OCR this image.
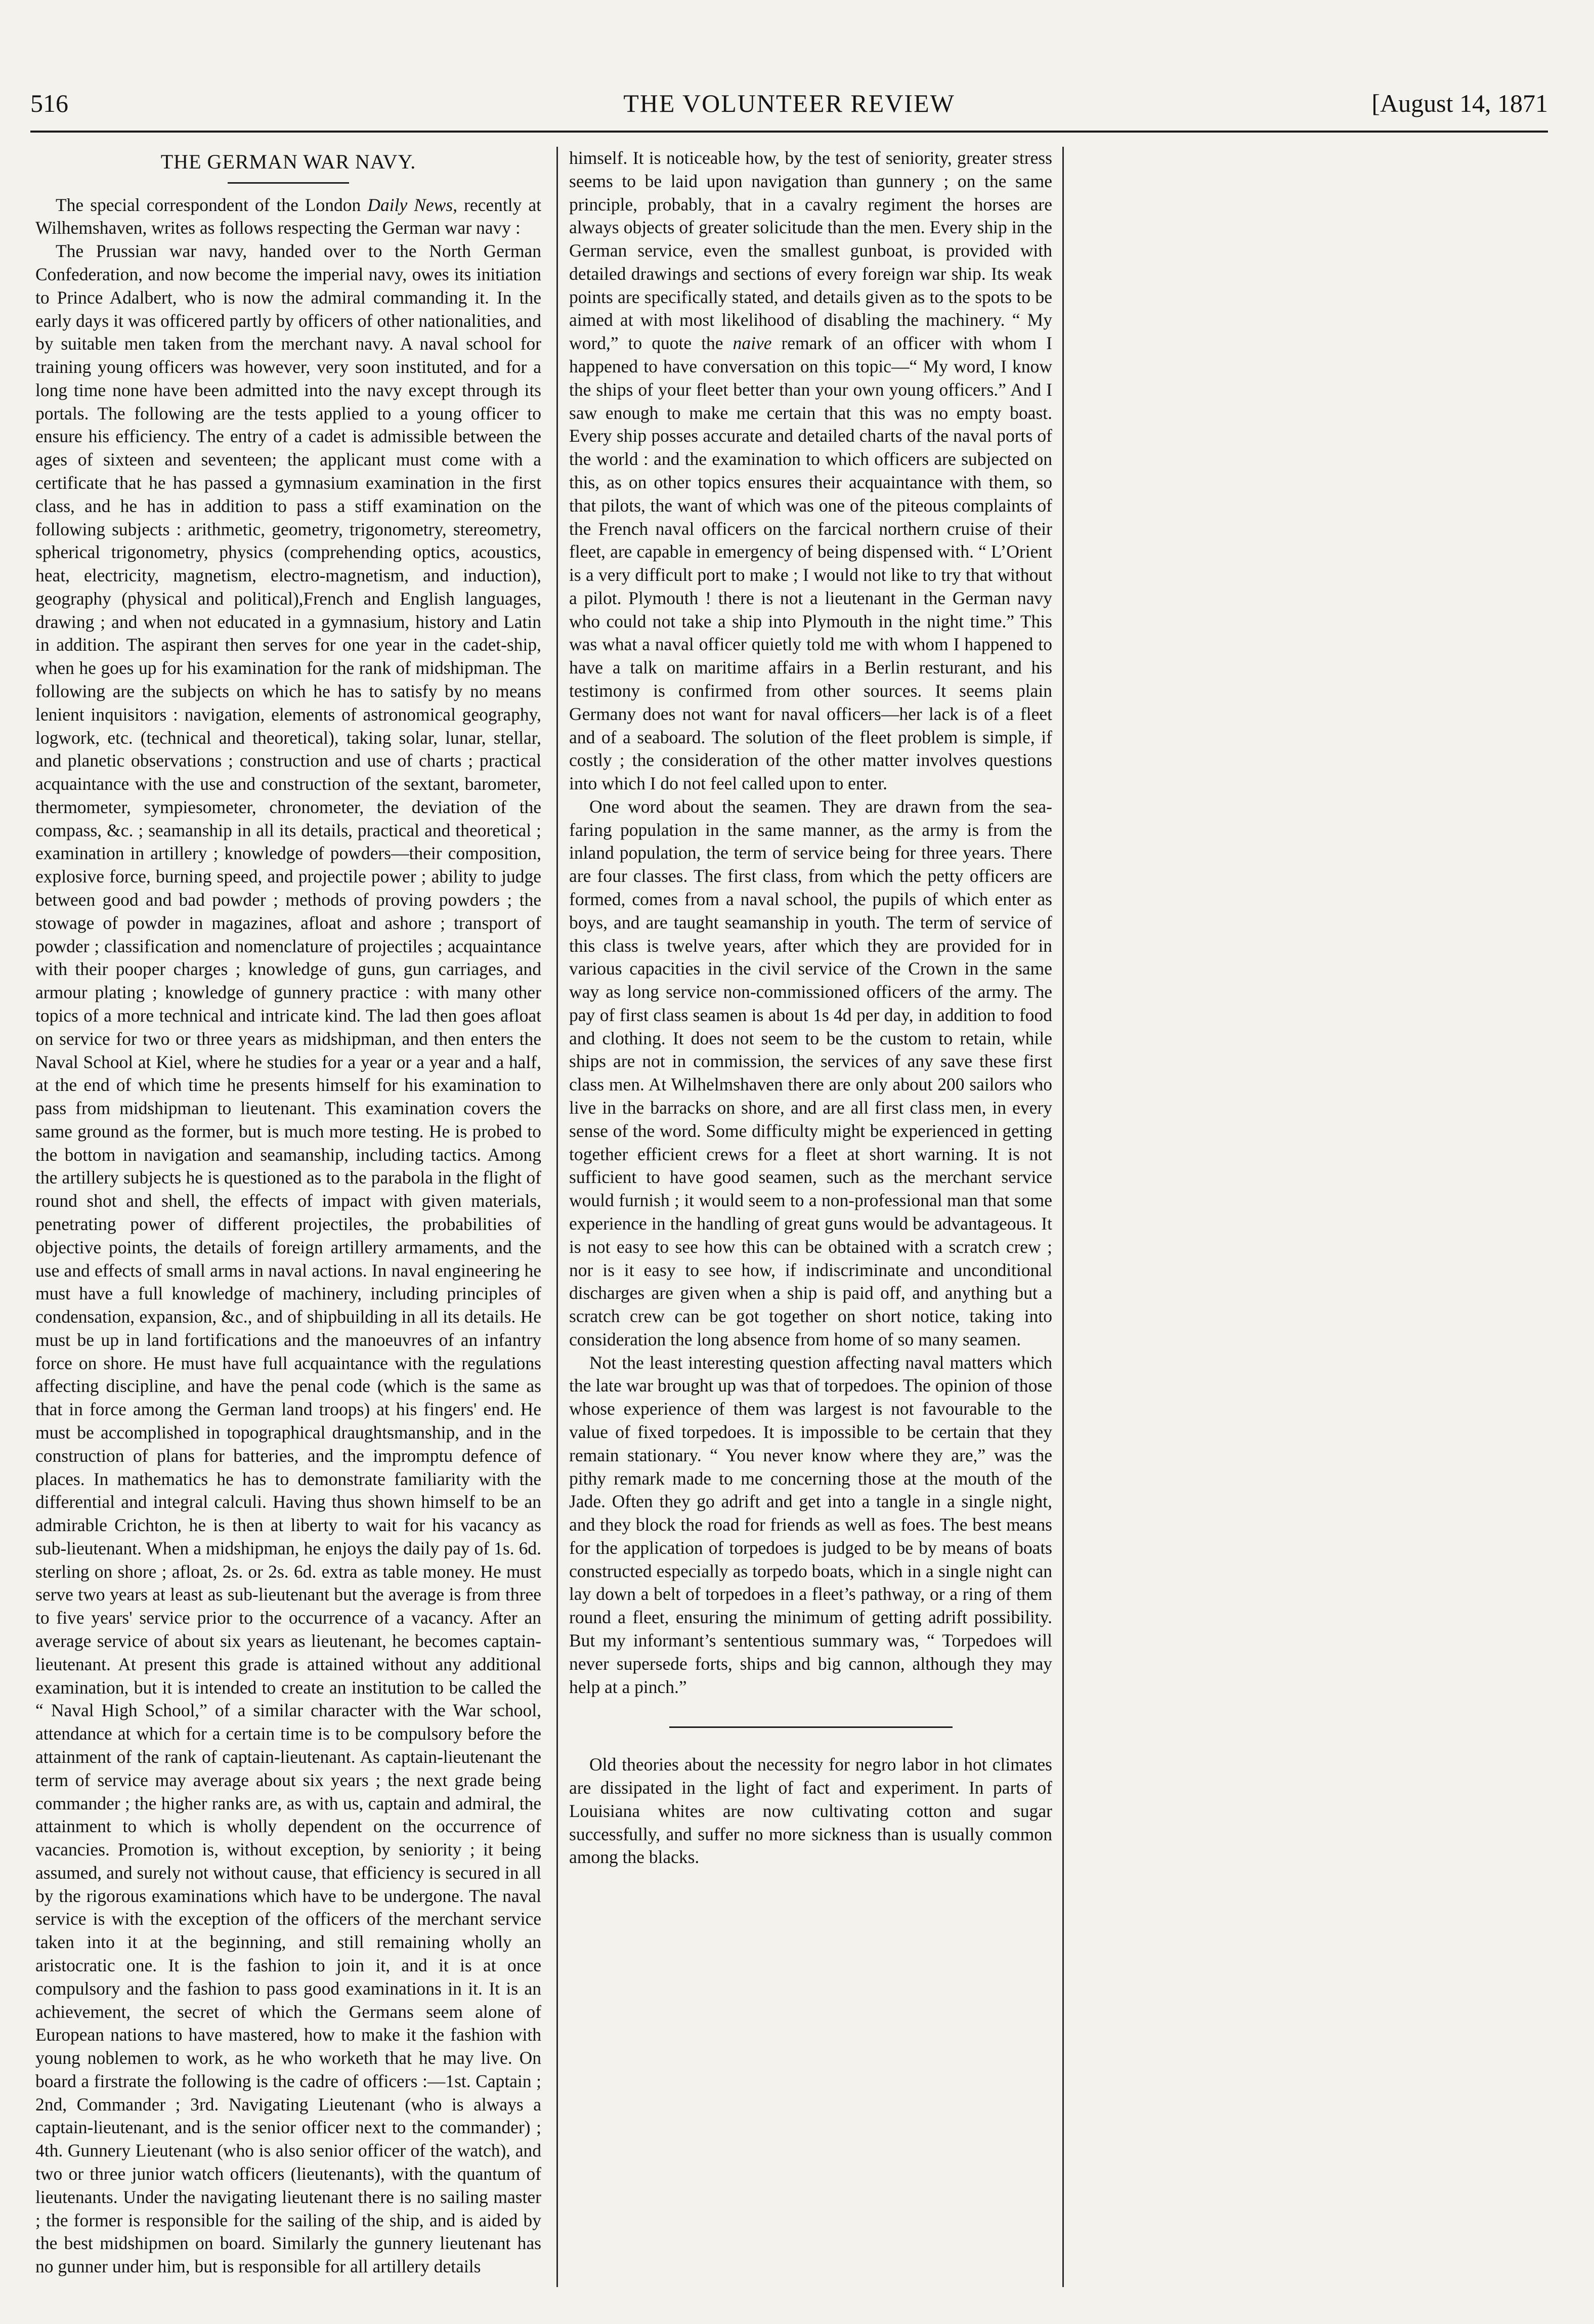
516	THE VOLUNTEER REVIEW	[August 14, 1871
THE GERMAN WAR NAVY.

The special correspondent of the London Daily News, recently at Wilhemshaven, writes as follows respecting the German war navy :

The Prussian war navy, handed over to the North German Confederation, and now become the imperial navy, owes its initiation to Prince Adalbert, who is now the admiral commanding it. In the early days it was officered partly by officers of other nationalities, and by suitable men taken from the merchant navy. A naval school for training young officers was however, very soon instituted, and for a long time none have been admitted into the navy except through its portals. The following are the tests applied to a young officer to ensure his efficiency. The entry of a cadet is admissible between the ages of sixteen and seventeen; the applicant must come with a certificate that he has passed a gymnasium examination in the first class, and he has in addition to pass a stiff examination on the following subjects : arithmetic, geometry, trigonometry, stereometry, spherical trigonometry, physics (comprehending optics, acoustics, heat, electricity, magnetism, electro-magnetism, and induction), geography (physical and political),French and English languages, drawing ; and when not educated in a gymnasium, history and Latin in addition. The aspirant then serves for one year in the cadet-ship, when he goes up for his examination for the rank of midshipman. The following are the subjects on which he has to satisfy by no means lenient inquisitors : navigation, elements of astronomical geography, logwork, etc. (technical and theoretical), taking solar, lunar, stellar, and planetic observations ; construction and use of charts ; practical acquaintance with the use and construction of the sextant, barometer, thermometer, sympiesometer, chronometer, the deviation of the compass, &c. ; seamanship in all its details, practical and theoretical ; examination in artillery ; knowledge of powders—their composition, explosive force, burning speed, and projectile power ; ability to judge between good and bad powder ; methods of proving powders ; the stowage of powder in magazines, afloat and ashore ; transport of powder ; classification and nomenclature of projectiles ; acquaintance with their pooper charges ; knowledge of guns, gun carriages, and armour plating ; knowledge of gunnery practice : with many other topics of a more technical and intricate kind. The lad then goes afloat on service for two or three years as midshipman, and then enters the Naval School at Kiel, where he studies for a year or a year and a half, at the end of which time he presents himself for his examination to pass from midshipman to lieutenant. This examination covers the same ground as the former, but is much more testing. He is probed to the bottom in navigation and seamanship, including tactics. Among the artillery subjects he is questioned as to the parabola in the flight of round shot and shell, the effects of impact with given materials, penetrating power of different projectiles, the probabilities of objective points, the details of foreign artillery armaments, and the use and effects of small arms in naval actions. In naval engineering he must have a full knowledge of machinery, including principles of condensation, expansion, &c., and of shipbuilding in all its details. He must be up in land fortifications and the manoeuvres of an infantry force on shore. He must have full acquaintance with the regulations affecting discipline, and have the penal code (which is the same as that in force among the German land troops) at his fingers' end. He must be accomplished in topographical draughtsmanship, and in the construction of plans for batteries, and the impromptu defence of places. In mathematics he has to demonstrate familiarity with the differential and integral calculi. Having thus shown himself to be an admirable Crichton, he is then at liberty to wait for his vacancy as sub-lieutenant. When a midshipman, he enjoys the daily pay of 1s. 6d. sterling on shore ; afloat, 2s. or 2s. 6d. extra as table money. He must serve two years at least as sub-lieutenant but the average is from three to five years' service prior to the occurrence of a vacancy. After an average service of about six years as lieutenant, he becomes captain-lieutenant. At present this grade is attained without any additional examination, but it is intended to create an institution to be called the “ Naval High School,” of a similar character with the War school, attendance at which for a certain time is to be compulsory before the attainment of the rank of captain-lieutenant. As captain-lieutenant the term of service may average about six years ; the next grade being commander ; the higher ranks are, as with us, captain and admiral, the attainment to which is wholly dependent on the occurrence of vacancies. Promotion is, without exception, by seniority ; it being assumed, and surely not without cause, that efficiency is secured in all by the rigorous examinations which have to be undergone. The naval service is with the exception of the officers of the merchant service taken into it at the beginning, and still remaining wholly an aristocratic one. It is the fashion to join it, and it is at once compulsory and the fashion to pass good examinations in it. It is an achievement, the secret of which the Germans seem alone of European nations to have mastered, how to make it the fashion with young noblemen to work, as he who worketh that he may live. On board a firstrate the following is the cadre of officers :—1st. Captain ; 2nd, Commander ; 3rd. Navigating Lieutenant (who is always a captain-lieutenant, and is the senior officer next to the commander) ; 4th. Gunnery Lieutenant (who is also senior officer of the watch), and two or three junior watch officers (lieutenants), with the quantum of lieutenants. Under the navigating lieutenant there is no sailing master ; the former is responsible for the sailing of the ship, and is aided by the best midshipmen on board. Similarly the gunnery lieutenant has no gunner under him, but is responsible for all artillery details

himself. It is noticeable how, by the test of seniority, greater stress seems to be laid upon navigation than gunnery ; on the same principle, probably, that in a cavalry regiment the horses are always objects of greater solicitude than the men. Every ship in the German service, even the smallest gunboat, is provided with detailed drawings and sections of every foreign war ship. Its weak points are specifically stated, and details given as to the spots to be aimed at with most likelihood of disabling the machinery. “ My word,” to quote the naive remark of an officer with whom I happened to have conversation on this topic—“ My word, I know the ships of your fleet better than your own young officers.” And I saw enough to make me certain that this was no empty boast. Every ship posses accurate and detailed charts of the naval ports of the world : and the examination to which officers are subjected on this, as on other topics ensures their acquaintance with them, so that pilots, the want of which was one of the piteous complaints of the French naval officers on the farcical northern cruise of their fleet, are capable in emergency of being dispensed with. “ L’Orient is a very difficult port to make ; I would not like to try that without a pilot. Plymouth ! there is not a lieutenant in the German navy who could not take a ship into Plymouth in the night time.” This was what a naval officer quietly told me with whom I happened to have a talk on maritime affairs in a Berlin resturant, and his testimony is confirmed from other sources. It seems plain Germany does not want for naval officers—her lack is of a fleet and of a seaboard. The solution of the fleet problem is simple, if costly ; the consideration of the other matter involves questions into which I do not feel called upon to enter.

One word about the seamen. They are drawn from the sea-faring population in the same manner, as the army is from the inland population, the term of service being for three years. There are four classes. The first class, from which the petty officers are formed, comes from a naval school, the pupils of which enter as boys, and are taught seamanship in youth. The term of service of this class is twelve years, after which they are provided for in various capacities in the civil service of the Crown in the same way as long service non-commissioned officers of the army. The pay of first class seamen is about 1s 4d per day, in addition to food and clothing. It does not seem to be the custom to retain, while ships are not in commission, the services of any save these first class men. At Wilhelmshaven there are only about 200 sailors who live in the barracks on shore, and are all first class men, in every sense of the word. Some difficulty might be experienced in getting together efficient crews for a fleet at short warning. It is not sufficient to have good seamen, such as the merchant service would furnish ; it would seem to a non-professional man that some experience in the handling of great guns would be advantageous. It is not easy to see how this can be obtained with a scratch crew ; nor is it easy to see how, if indiscriminate and unconditional discharges are given when a ship is paid off, and anything but a scratch crew can be got together on short notice, taking into consideration the long absence from home of so many seamen.

Not the least interesting question affecting naval matters which the late war brought up was that of torpedoes. The opinion of those whose experience of them was largest is not favourable to the value of fixed torpedoes. It is impossible to be certain that they remain stationary. “ You never know where they are,” was the pithy remark made to me concerning those at the mouth of the Jade. Often they go adrift and get into a tangle in a single night, and they block the road for friends as well as foes. The best means for the application of torpedoes is judged to be by means of boats constructed especially as torpedo boats, which in a single night can lay down a belt of torpedoes in a fleet’s pathway, or a ring of them round a fleet, ensuring the minimum of getting adrift possibility. But my informant’s sententious summary was, “ Torpedoes will never supersede forts, ships and big cannon, although they may help at a pinch.”

Old theories about the necessity for negro labor in hot climates are dissipated in the light of fact and experiment. In parts of Louisiana whites are now cultivating cotton and sugar successfully, and suffer no more sickness than is usually common among the blacks.
